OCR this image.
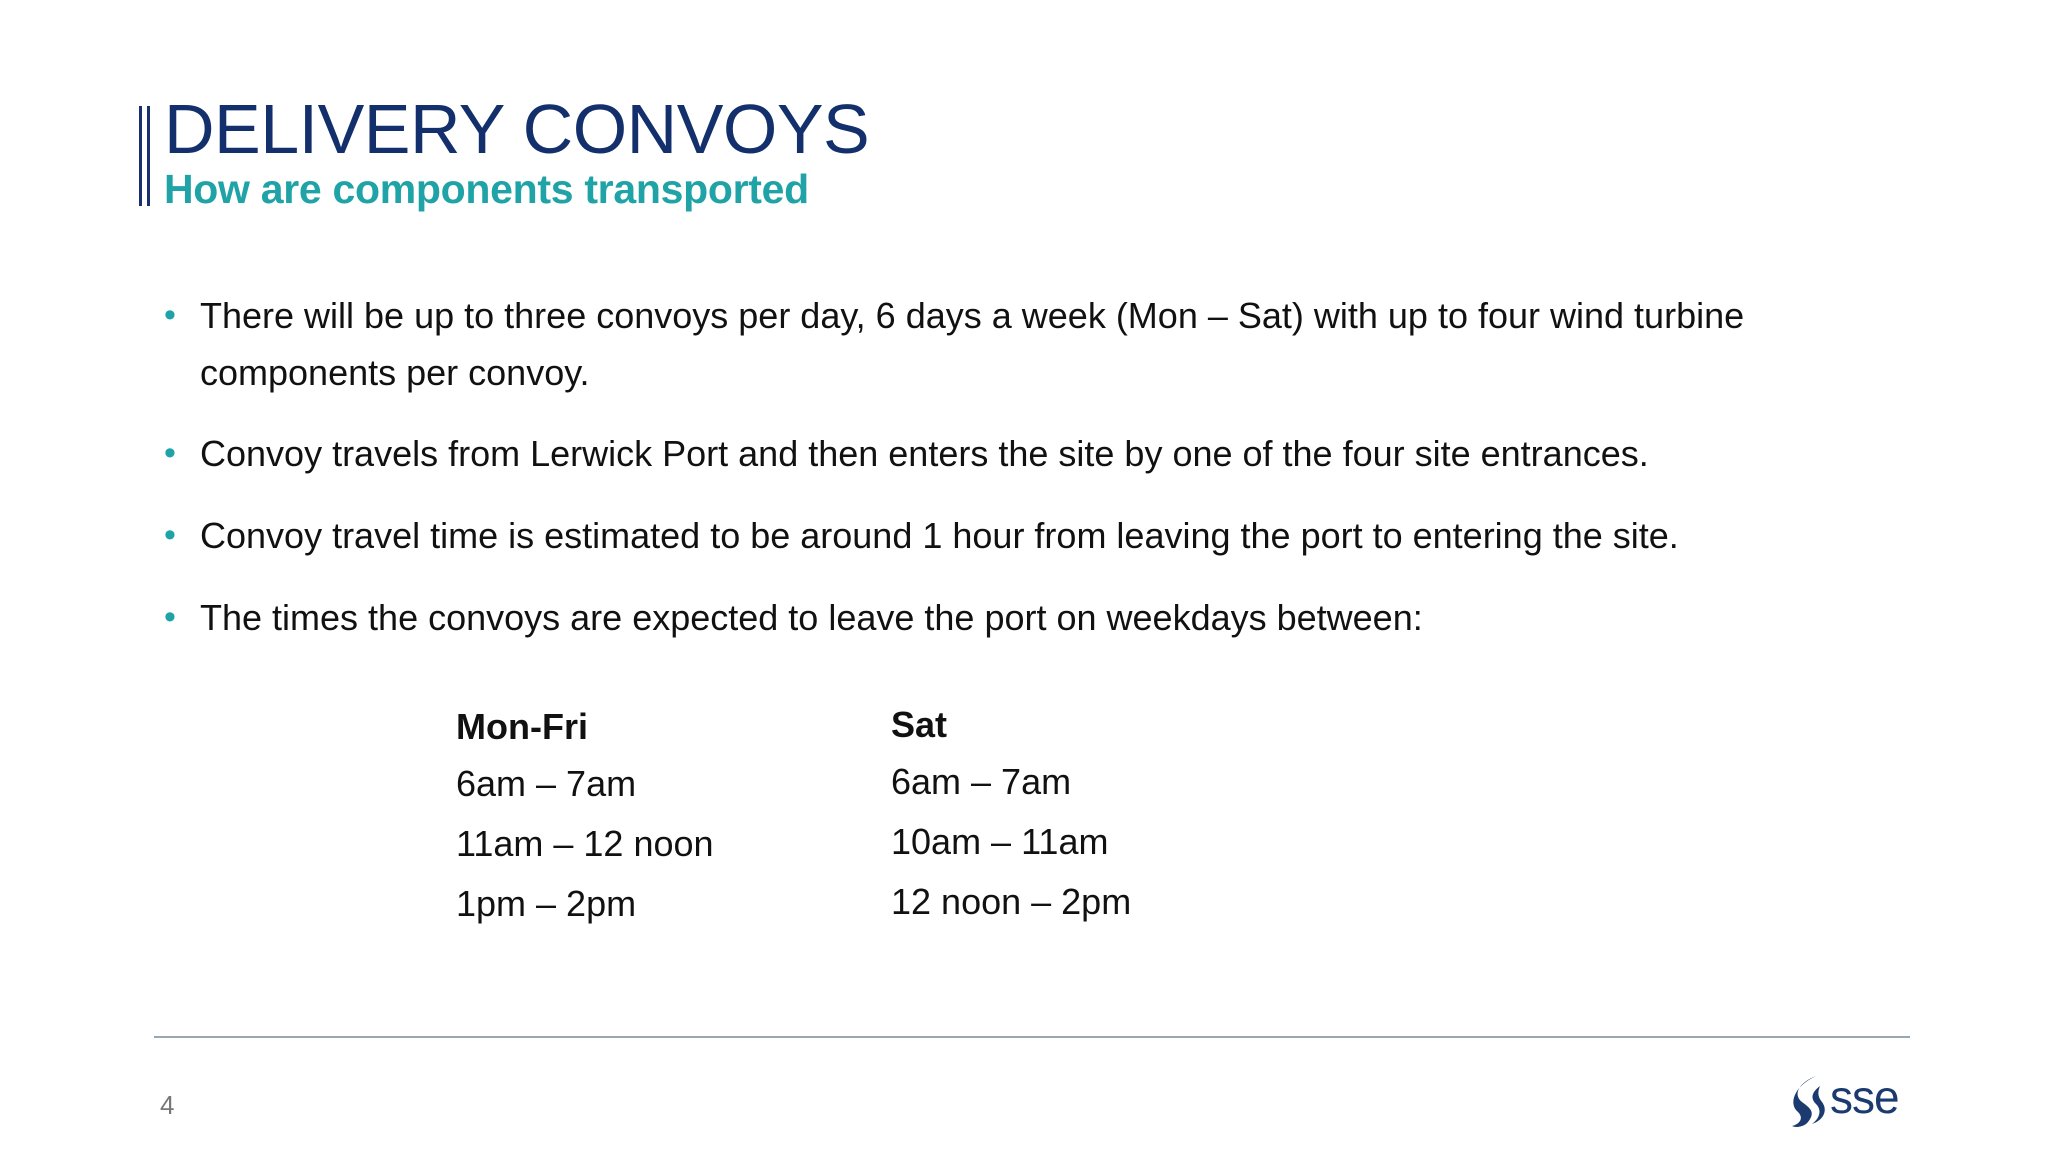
DELIVERY CONVOYS
How are components transported

• There will be up to three convoys per day, 6 days a week (Mon – Sat) with up to four wind turbine components per convoy.

• Convoy travels from Lerwick Port and then enters the site by one of the four site entrances.

• Convoy travel time is estimated to be around 1 hour from leaving the port to entering the site.

• The times the convoys are expected to leave the port on weekdays between:

Mon-Fri
6am – 7am
11am – 12 noon
1pm – 2pm
Sat
6am – 7am
10am – 11am
12 noon – 2pm
4	sse
